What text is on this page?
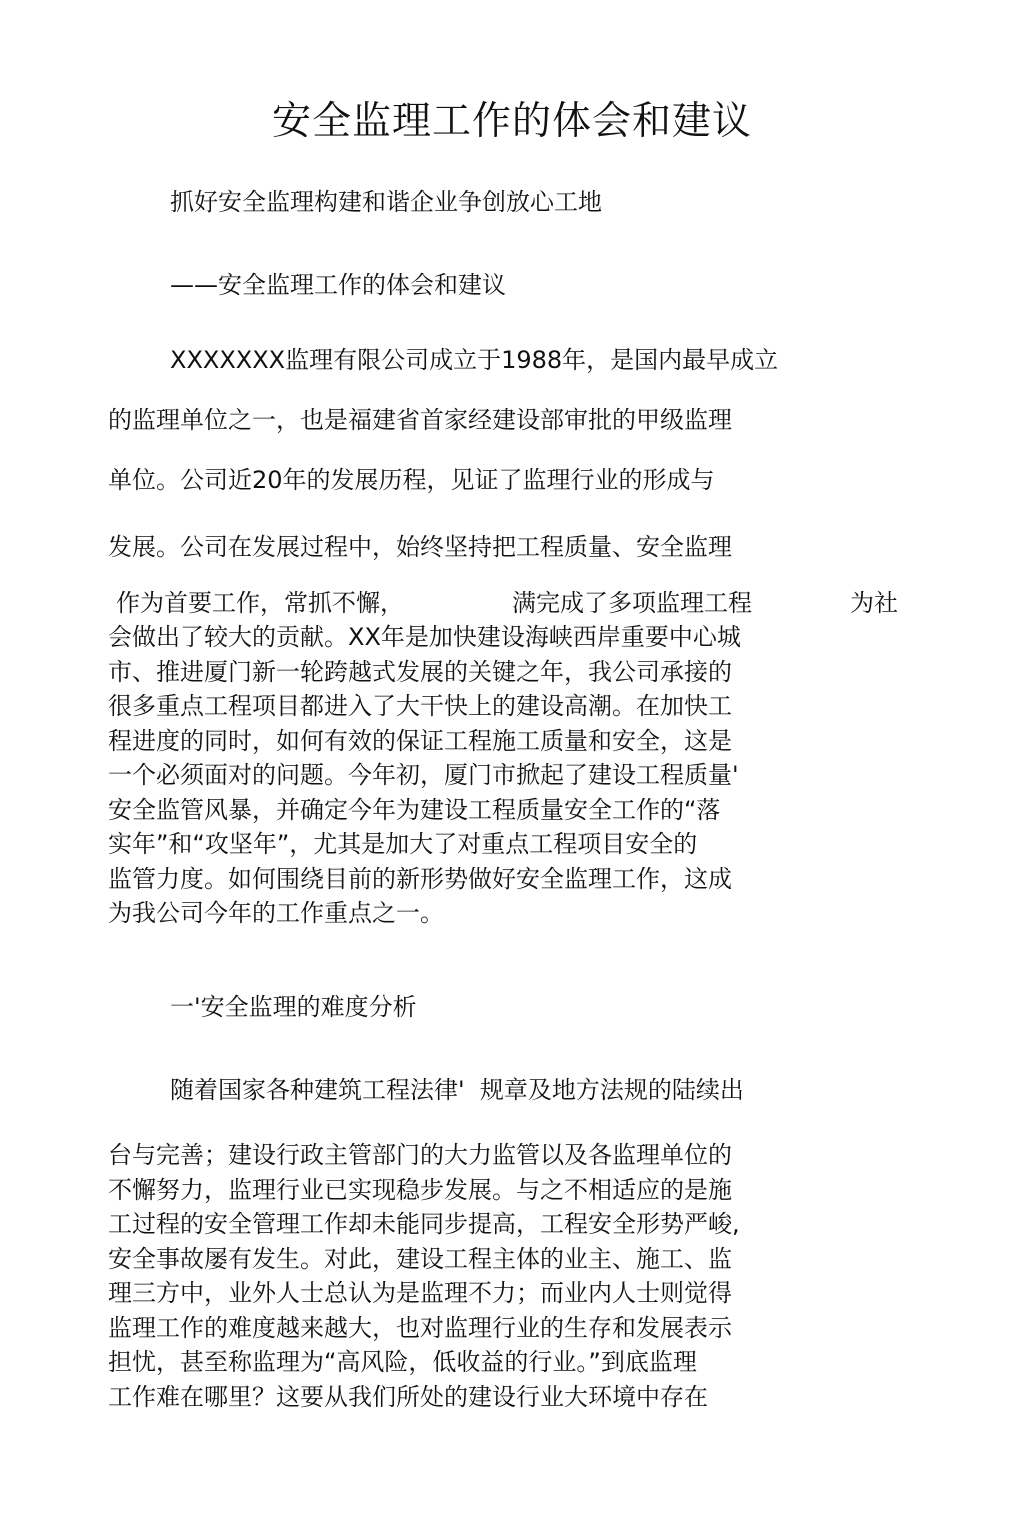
安全监理工作的体会和建议

抓好安全监理构建和谐企业争创放心工地

——安全监理工作的体会和建议

XXXXXXX监理有限公司成立于1988年，是国内最早成立

的监理单位之一，也是福建省首家经建设部审批的甲级监理

单位。公司近20年的发展历程，见证了监理行业的形成与

发展。公司在发展过程中，始终坚持把工程质量、安全监理

作为首要工作，常抓不懈，	满完成了多项监理工程	为社

会做出了较大的贡献。XX年是加快建设海峡西岸重要中心城
市、推进厦门新一轮跨越式发展的关键之年，我公司承接的
很多重点工程项目都进入了大干快上的建设高潮。在加快工
程进度的同时，如何有效的保证工程施工质量和安全，这是
一个必须面对的问题。今年初，厦门市掀起了建设工程质量'
安全监管风暴，并确定今年为建设工程质量安全工作的“落
实年”和“攻坚年”，尤其是加大了对重点工程项目安全的
监管力度。如何围绕目前的新形势做好安全监理工作，这成
为我公司今年的工作重点之一。

一'安全监理的难度分析

随着国家各种建筑工程法律'  规章及地方法规的陆续出

台与完善；建设行政主管部门的大力监管以及各监理单位的
不懈努力，监理行业已实现稳步发展。与之不相适应的是施
工过程的安全管理工作却未能同步提高，工程安全形势严峻,
安全事故屡有发生。对此，建设工程主体的业主、施工、监
理三方中，业外人士总认为是监理不力；而业内人士则觉得
监理工作的难度越来越大，也对监理行业的生存和发展表示
担忧，甚至称监理为“高风险，低收益的行业。”到底监理
工作难在哪里？这要从我们所处的建设行业大环境中存在
